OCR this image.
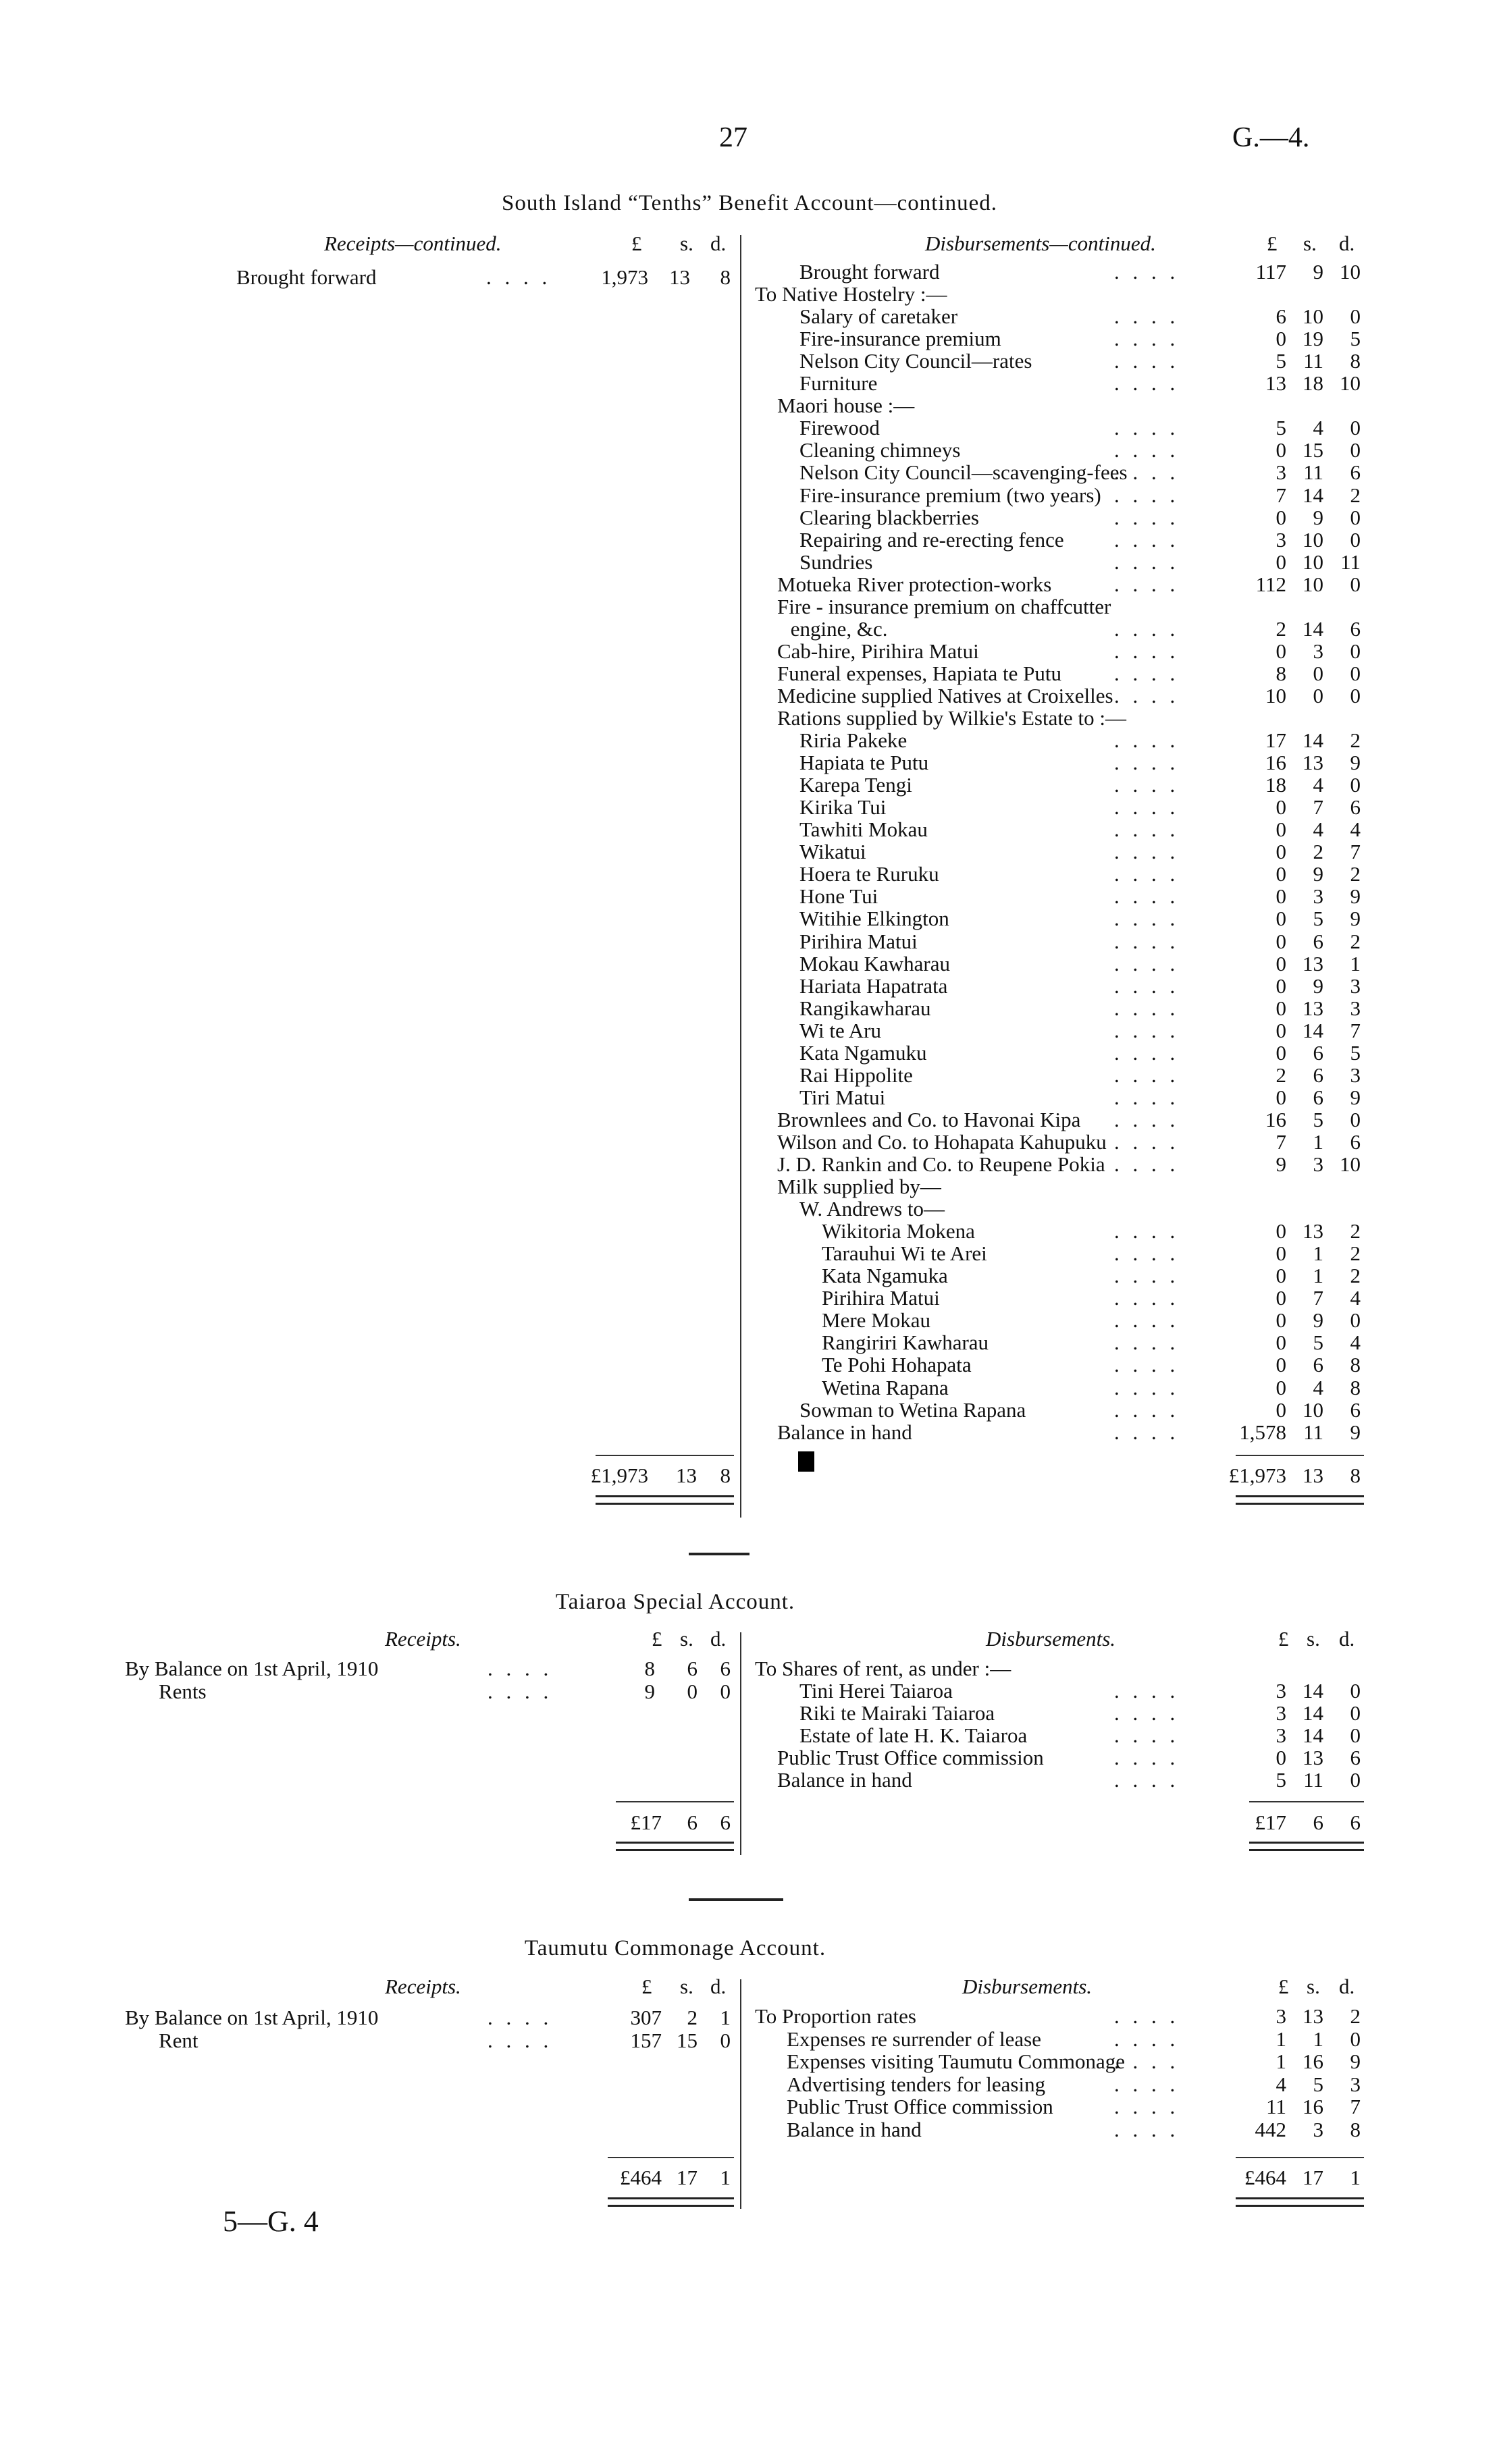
27	G.—4.
South Island “Tenths” Benefit Account—continued.
Receipts—continued.	£ s. d.	Disbursements—continued.	£ s. d.
Brought forward	. . . .	1,973	13	8	Brought forward	. . . .	117	9 10
To Native Hostelry :—
Salary of caretaker	. . . .	6 10	0
Fire-insurance premium	. . . .	0 19	5
Nelson City Council—rates	. . . .	5 11	8
Furniture	. . . .	13 18 10
Maori house :—
Firewood	. . . .	5	4	0
Cleaning chimneys	. . . .	0 15	0
Nelson City Council—scavenging-fees
. . . .	3 11	6
Fire-insurance premium (two years) . . . .	7 14	2
Clearing blackberries	. . . .	0	9	0
Repairing and re-erecting fence . . . .	3 10	0
Sundries	. . . .	0 10 11
Motueka River protection-works	. . . .	112 10	0
Fire - insurance premium on chaffcutter
engine, &c.	. . . .	2 14	6
Cab-hire, Pirihira Matui	. . . .	0	3	0
Funeral expenses, Hapiata te Putu	. . . .	8	0	0
Medicine supplied Natives at Croixelles . . . .	10	0	0
Rations supplied by Wilkie's Estate to :—
Riria Pakeke	. . . .	17 14	2
Hapiata te Putu	. . . .	16 13	9
Karepa Tengi	. . . .	18	4	0
Kirika Tui	. . . .	0	7	6
Tawhiti Mokau	. . . .	0	4	4
Wikatui	. . . .	0	2	7
Hoera te Ruruku	. . . .	0	9	2
Hone Tui	. . . .	0	3	9
Witihie Elkington	. . . .	0	5	9
Pirihira Matui	. . . .	0	6	2
Mokau Kawharau	. . . .	0 13	1
Hariata Hapatrata	. . . .	0	9	3
Rangikawharau	. . . .	0 13	3
Wi te Aru	. . . .	0 14	7
Kata Ngamuku	. . . .	0	6	5
Rai Hippolite	. . . .	2	6	3
Tiri Matui	. . . .	0	6	9
Brownlees and Co. to Havonai Kipa . . . .	16	5	0
Wilson and Co. to Hohapata Kahupuku . . . .	7	1	6
J. D. Rankin and Co. to Reupene Pokia . . . .	9	3 10
Milk supplied by—
W. Andrews to—
Wikitoria Mokena	. . . .	0 13	2
Tarauhui Wi te Arei	. . . .	0	1	2
Kata Ngamuka	. . . .	0	1	2
Pirihira Matui	. . . .	0	7	4
Mere Mokau	. . . .	0	9	0
Rangiriri Kawharau	. . . .	0	5	4
Te Pohi Hohapata	. . . .	0	6	8
Wetina Rapana	. . . .	0	4	8
Sowman to Wetina Rapana	. . . .	0 10	6
Balance in hand	. . . .	1,578 11	9
£1,973	13	8	£1,973 13	8
Taiaroa Special Account.
Receipts.	£ s. d.	Disbursements.	£ s. d.
By Balance on 1st April, 1910	. . . .	8	6	6
Rents	. . . .	9	0	0
To Shares of rent, as under :—
Tini Herei Taiaroa	. . . .	3 14	0
Riki te Mairaki Taiaroa	. . . .	3 14	0
Estate of late H. K. Taiaroa	. . . .	3 14	0
Public Trust Office commission	. . . .	0 13	6
Balance in hand	. . . .	5 11	0
£17	6	6	£17	6	6
Taumutu Commonage Account.
Receipts.	£ s. d.	Disbursements.	£ s. d.
By Balance on 1st April, 1910	. . . .	307	2	1
Rent	. . . .	157 15	0
To Proportion rates	. . . .	3 13	2
Expenses re surrender of lease	. . . .	1	1	0
Expenses visiting Taumutu Commonage
. . . .	1 16	9
Advertising tenders for leasing	. . . .	4	5	3
Public Trust Office commission	. . . .	11 16	7
Balance in hand	. . . .	442	3	8
£464 17	1	£464 17	1
5—G. 4
